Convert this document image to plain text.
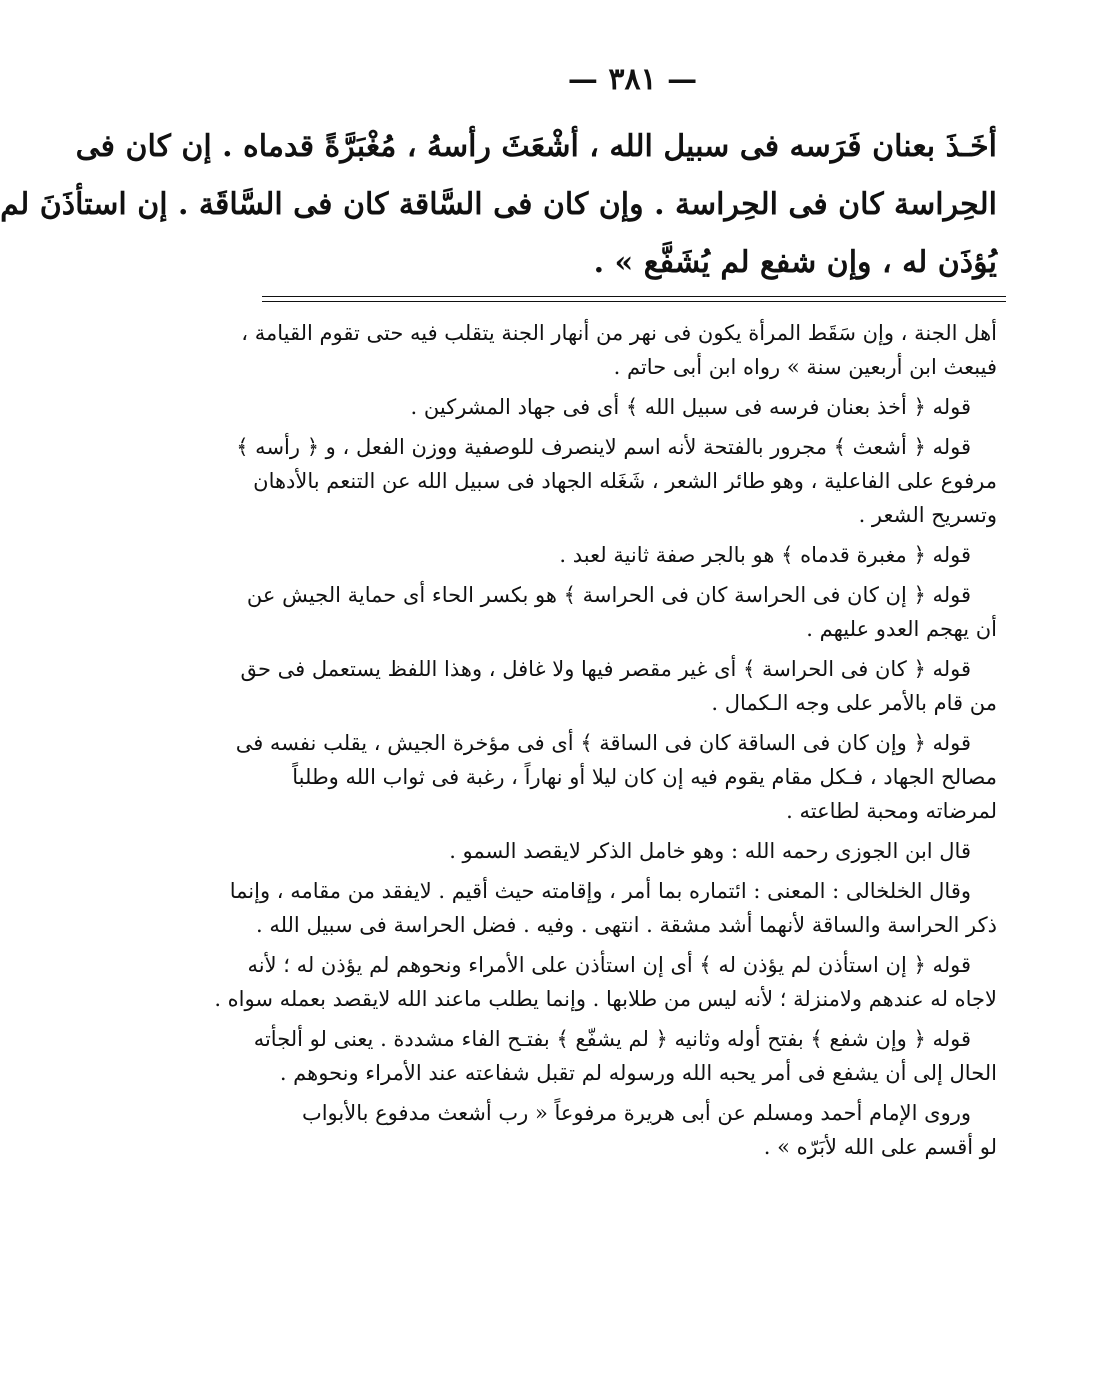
— ٣٨١ —
أخَـذَ بعنان فَرَسه فى سبيل الله ، أشْعَثَ رأسهُ ، مُغْبَرَّةً قدماه . إن كان فى
الحِراسة كان فى الحِراسة . وإن كان فى السَّاقة كان فى السَّاقَة . إن استأذَنَ لم
يُؤذَن له ، وإن شفع لم يُشَفَّع » .
أهل الجنة ، وإن سَقَط المرأة يكون فى نهر من أنهار الجنة يتقلب فيه حتى تقوم القيامة ،
فيبعث ابن أربعين سنة » رواه ابن أبى حاتم .
قوله ﴿ أخذ بعنان فرسه فى سبيل الله ﴾ أى فى جهاد المشركين .
قوله ﴿ أشعث ﴾ مجرور بالفتحة لأنه اسم لاينصرف للوصفية ووزن الفعل ، و ﴿ رأسه ﴾
مرفوع على الفاعلية ، وهو طائر الشعر ، شَغَله الجهاد فى سبيل الله عن التنعم بالأدهان
وتسريح الشعر .
قوله ﴿ مغبرة قدماه ﴾ هو بالجر صفة ثانية لعبد .
قوله ﴿ إن كان فى الحراسة كان فى الحراسة ﴾ هو بكسر الحاء أى حماية الجيش عن
أن يهجم العدو عليهم .
قوله ﴿ كان فى الحراسة ﴾ أى غير مقصر فيها ولا غافل ، وهذا اللفظ يستعمل فى حق
من قام بالأمر على وجه الـكمال .
قوله ﴿ وإن كان فى الساقة كان فى الساقة ﴾ أى فى مؤخرة الجيش ، يقلب نفسه فى
مصالح الجهاد ، فـكل مقام يقوم فيه إن كان ليلا أو نهاراً ، رغبة فى ثواب الله وطلباً
لمرضاته ومحبة لطاعته .
قال ابن الجوزى رحمه الله : وهو خامل الذكر لايقصد السمو .
وقال الخلخالى : المعنى : ائتماره بما أمر ، وإقامته حيث أقيم . لايفقد من مقامه ، وإنما
ذكر الحراسة والساقة لأنهما أشد مشقة . انتهى . وفيه . فضل الحراسة فى سبيل الله .
قوله ﴿ إن استأذن لم يؤذن له ﴾ أى إن استأذن على الأمراء ونحوهم لم يؤذن له ؛ لأنه
لاجاه له عندهم ولامنزلة ؛ لأنه ليس من طلابها . وإنما يطلب ماعند الله لايقصد بعمله سواه .
قوله ﴿ وإن شفع ﴾ بفتح أوله وثانيه ﴿ لم يشفّع ﴾ بفتـح الفاء مشددة . يعنى لو ألجأته
الحال إلى أن يشفع فى أمر يحبه الله ورسوله لم تقبل شفاعته عند الأمراء ونحوهم .
وروى الإمام أحمد ومسلم عن أبى هريرة مرفوعاً « رب أشعث مدفوع بالأبواب
لو أقسم على الله لأبَرّه » .
